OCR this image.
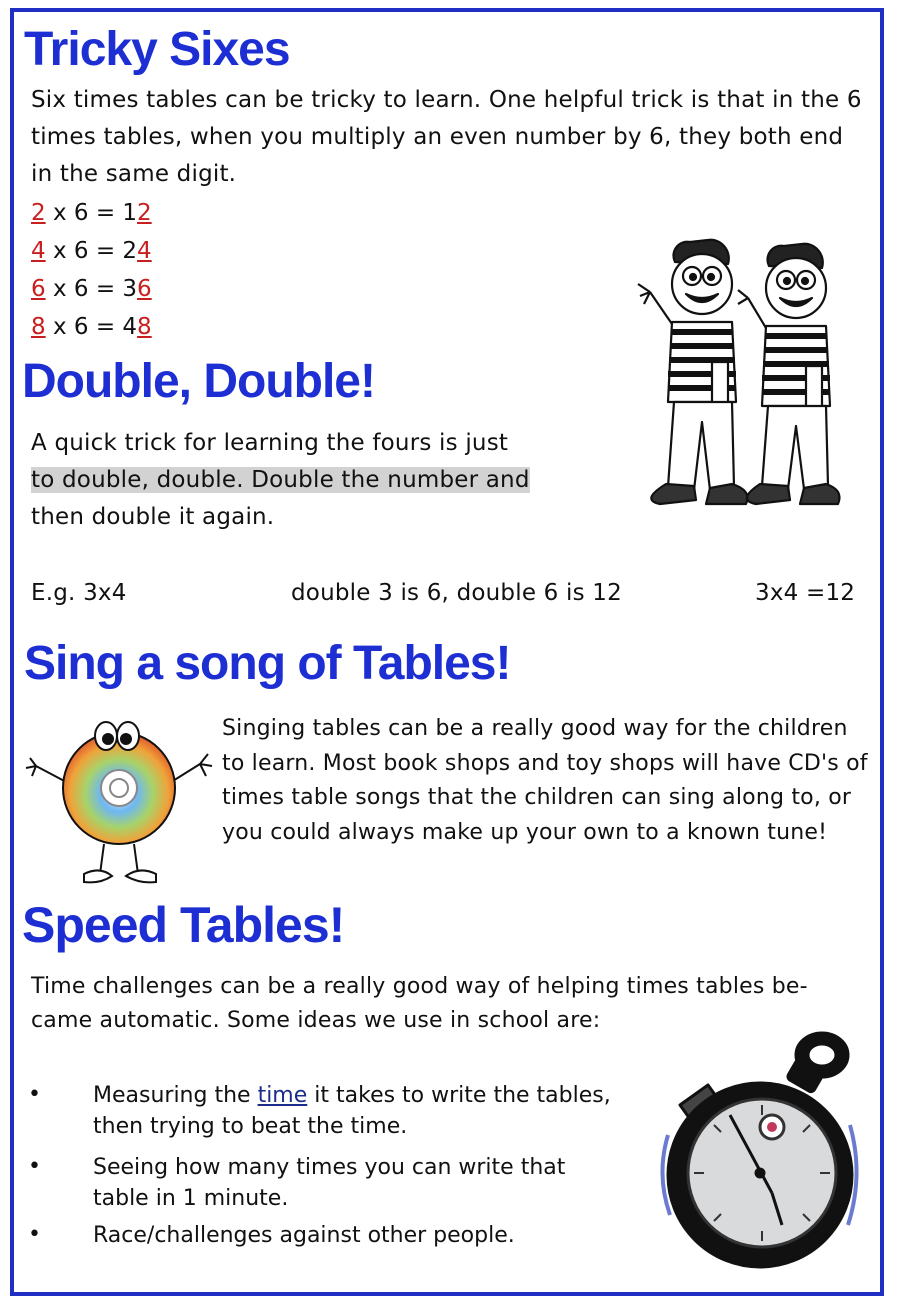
Tricky Sixes
Six times tables can be tricky to learn. One helpful trick is that in the 6 times tables, when you multiply an even number by 6, they both end in the same digit.
2 x 6 = 12
4 x 6 = 24
6 x 6 = 36
8 x 6 = 48
Double, Double!
A quick trick for learning the fours is just
to double, double. Double the number and
then double it again.
E.g. 3x4	double 3 is 6, double 6 is 12	3x4 =12
Sing a song of Tables!
Singing tables can be a really good way for the children to learn. Most book shops and toy shops will have CD's of times table songs that the children can sing along to, or you could always make up your own to a known tune!
Speed Tables!
Time challenges can be a really good way of helping times tables be-came automatic. Some ideas we use in school are:
• Measuring the time it takes to write the tables, then trying to beat the time.
• Seeing how many times you can write that table in 1 minute.
• Race/challenges against other people.
